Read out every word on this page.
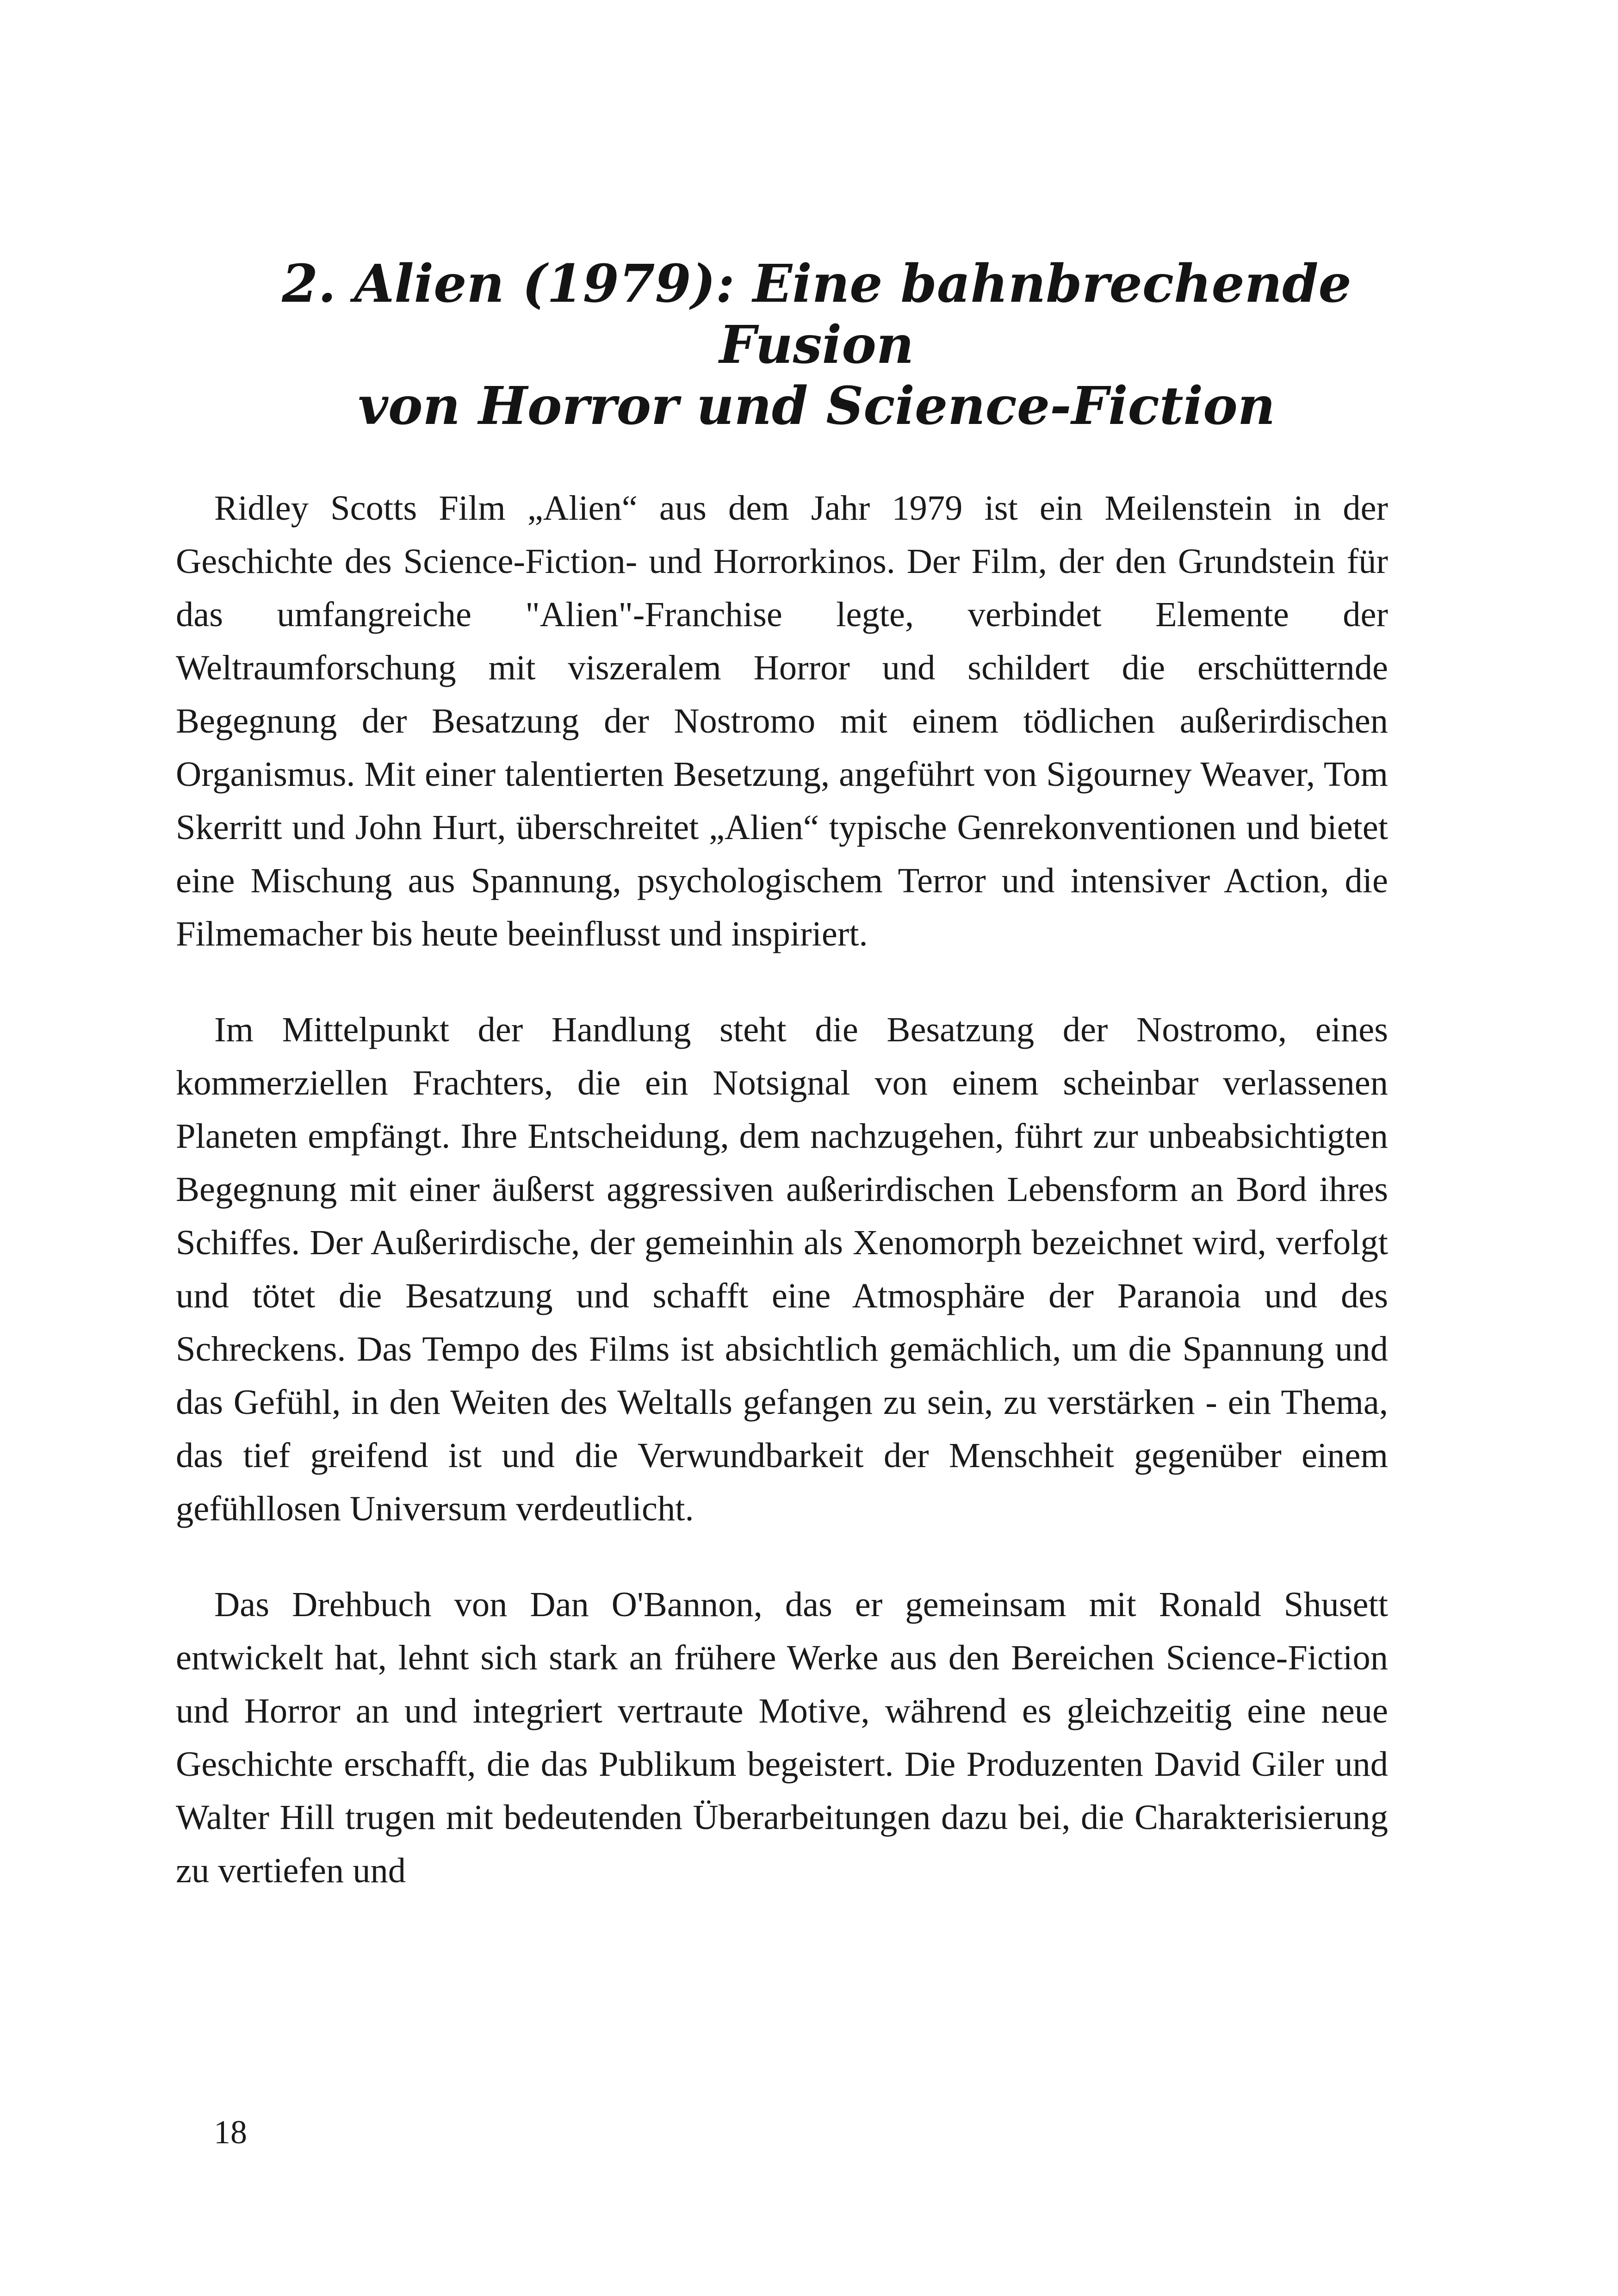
2. Alien (1979): Eine bahnbrechende Fusion
von Horror und Science-Fiction

Ridley Scotts Film „Alien“ aus dem Jahr 1979 ist ein Meilenstein in der Geschichte des Science-Fiction- und Horrorkinos. Der Film, der den Grundstein für das umfangreiche "Alien"-Franchise legte, verbindet Elemente der Weltraumforschung mit viszeralem Horror und schildert die erschütternde Begegnung der Besatzung der Nostromo mit einem tödlichen außerirdischen Organismus. Mit einer talentierten Besetzung, angeführt von Sigourney Weaver, Tom Skerritt und John Hurt, überschreitet „Alien“ typische Genrekonventionen und bietet eine Mischung aus Spannung, psychologischem Terror und intensiver Action, die Filmemacher bis heute beeinflusst und inspiriert.

Im Mittelpunkt der Handlung steht die Besatzung der Nostromo, eines kommerziellen Frachters, die ein Notsignal von einem scheinbar verlassenen Planeten empfängt. Ihre Entscheidung, dem nachzugehen, führt zur unbeabsichtigten Begegnung mit einer äußerst aggressiven außerirdischen Lebensform an Bord ihres Schiffes. Der Außerirdische, der gemeinhin als Xenomorph bezeichnet wird, verfolgt und tötet die Besatzung und schafft eine Atmosphäre der Paranoia und des Schreckens. Das Tempo des Films ist absichtlich gemächlich, um die Spannung und das Gefühl, in den Weiten des Weltalls gefangen zu sein, zu verstärken - ein Thema, das tief greifend ist und die Verwundbarkeit der Menschheit gegenüber einem gefühllosen Universum verdeutlicht.

Das Drehbuch von Dan O'Bannon, das er gemeinsam mit Ronald Shusett entwickelt hat, lehnt sich stark an frühere Werke aus den Bereichen Science-Fiction und Horror an und integriert vertraute Motive, während es gleichzeitig eine neue Geschichte erschafft, die das Publikum begeistert. Die Produzenten David Giler und Walter Hill trugen mit bedeutenden Überarbeitungen dazu bei, die Charakterisierung zu vertiefen und

18
